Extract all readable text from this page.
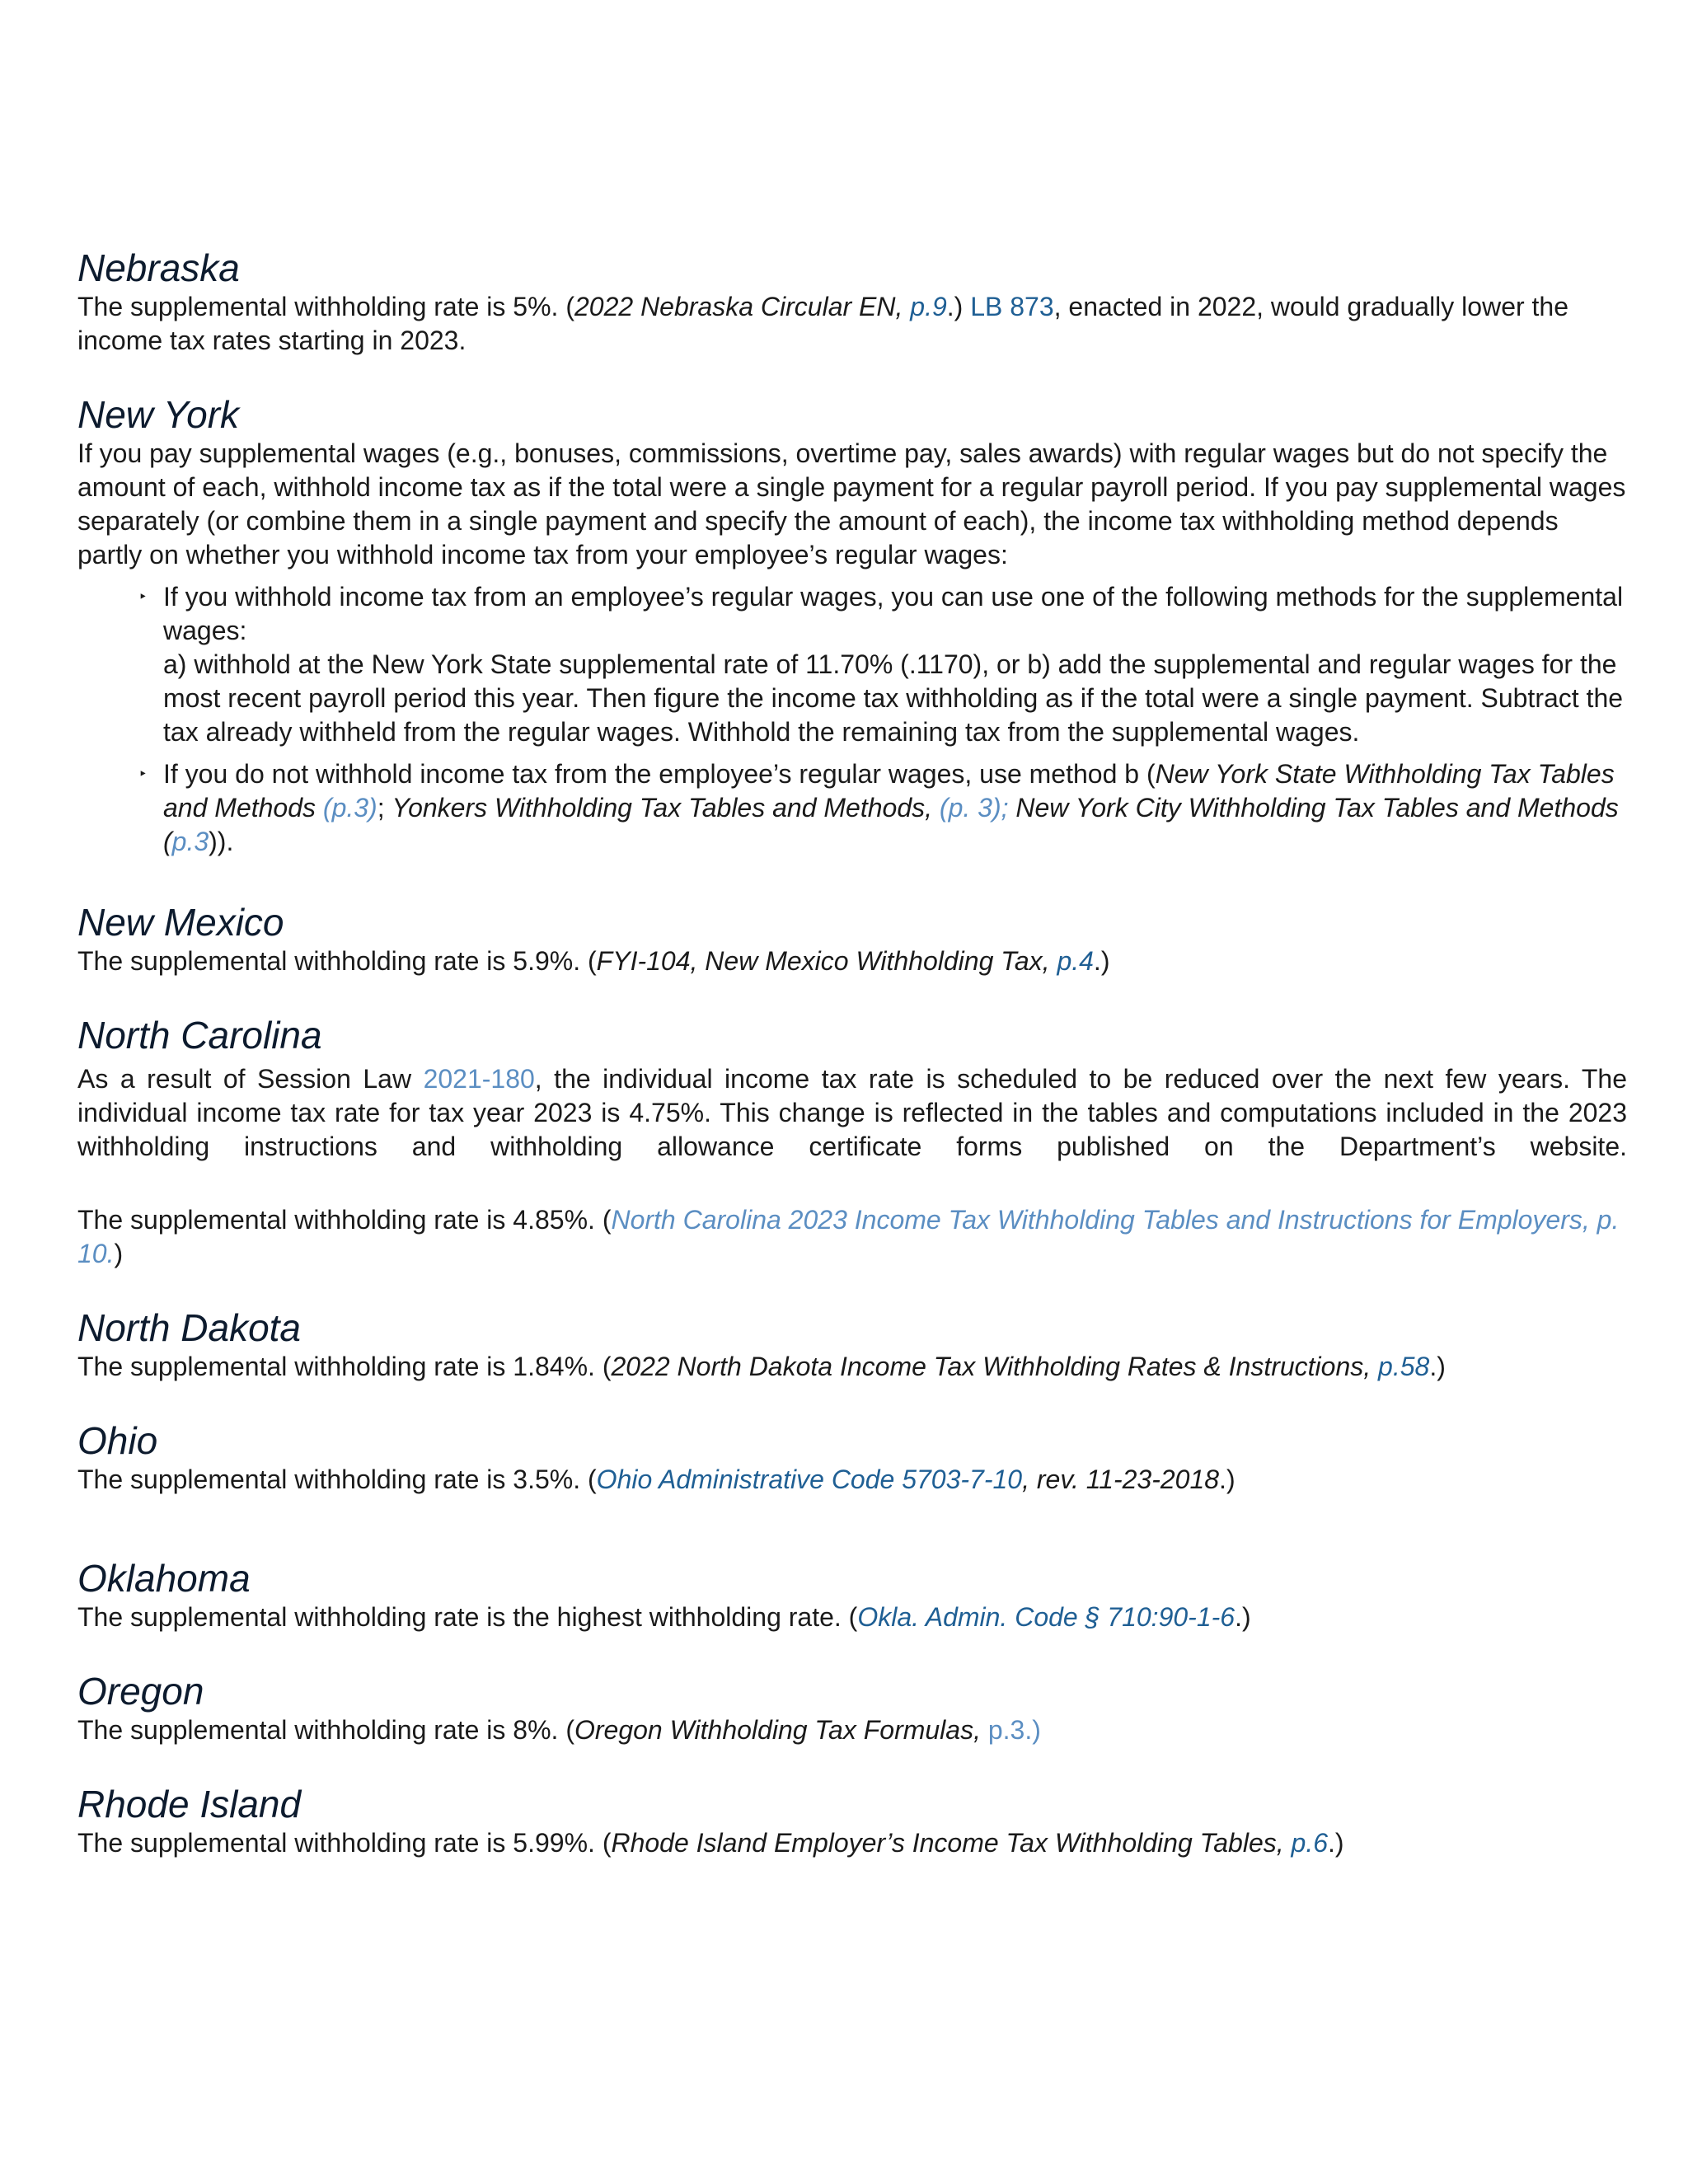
Nebraska

The supplemental withholding rate is 5%. (2022 Nebraska Circular EN, p.9.) LB 873, enacted in 2022, would gradually lower the income tax rates starting in 2023.

New York

If you pay supplemental wages (e.g., bonuses, commissions, overtime pay, sales awards) with regular wages but do not specify the amount of each, withhold income tax as if the total were a single payment for a regular payroll period. If you pay supplemental wages separately (or combine them in a single payment and specify the amount of each), the income tax withholding method depends partly on whether you withhold income tax from your employee’s regular wages:

‣ If you withhold income tax from an employee’s regular wages, you can use one of the following methods for the supplemental wages:
a) withhold at the New York State supplemental rate of 11.70% (.1170), or b) add the supplemental and regular wages for the most recent payroll period this year. Then figure the income tax withholding as if the total were a single payment. Subtract the tax already withheld from the regular wages. Withhold the remaining tax from the supplemental wages.
‣ If you do not withhold income tax from the employee’s regular wages, use method b (New York State Withholding Tax Tables and Methods (p.3); Yonkers Withholding Tax Tables and Methods, (p. 3); New York City Withholding Tax Tables and Methods (p.3)).
New Mexico

The supplemental withholding rate is 5.9%. (FYI-104, New Mexico Withholding Tax, p.4.)

North Carolina

As a result of Session Law 2021-180, the individual income tax rate is scheduled to be reduced over the next few years. The individual income tax rate for tax year 2023 is 4.75%. This change is reflected in the tables and computations included in the 2023 withholding instructions and withholding allowance certificate forms published on the Department’s website.

The supplemental withholding rate is 4.85%. (North Carolina 2023 Income Tax Withholding Tables and Instructions for Employers, p. 10.)

North Dakota

The supplemental withholding rate is 1.84%. (2022 North Dakota Income Tax Withholding Rates & Instructions, p.58.)

Ohio

The supplemental withholding rate is 3.5%. (Ohio Administrative Code 5703-7-10, rev. 11-23-2018.)

Oklahoma

The supplemental withholding rate is the highest withholding rate. (Okla. Admin. Code § 710:90-1-6.)

Oregon

The supplemental withholding rate is 8%. (Oregon Withholding Tax Formulas, p.3.)

Rhode Island

The supplemental withholding rate is 5.99%. (Rhode Island Employer’s Income Tax Withholding Tables, p.6.)
